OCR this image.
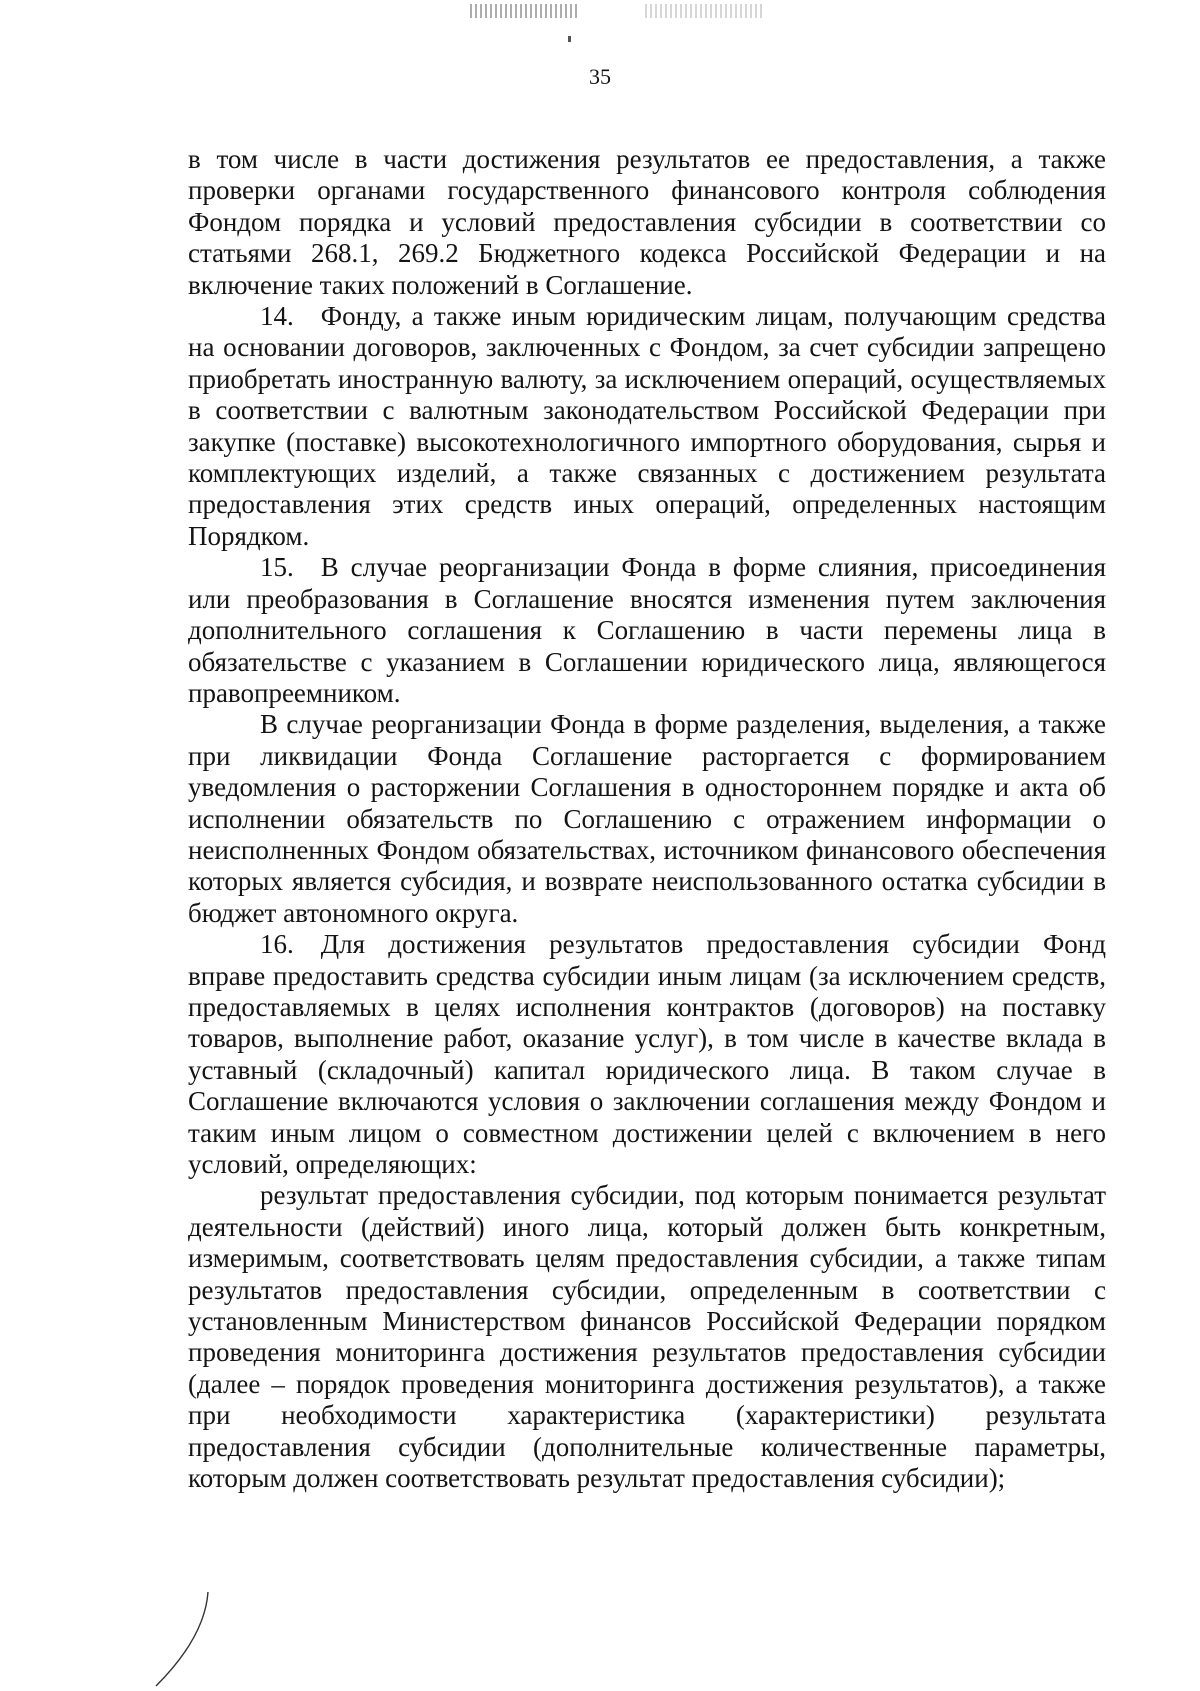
35

в том числе в части достижения результатов ее предоставления, а также проверки органами государственного финансового контроля соблюдения Фондом порядка и условий предоставления субсидии в соответствии со статьями 268.1, 269.2 Бюджетного кодекса Российской Федерации и на включение таких положений в Соглашение.

14. Фонду, а также иным юридическим лицам, получающим средства на основании договоров, заключенных с Фондом, за счет субсидии запрещено приобретать иностранную валюту, за исключением операций, осуществляемых в соответствии с валютным законодательством Российской Федерации при закупке (поставке) высокотехнологичного импортного оборудования, сырья и комплектующих изделий, а также связанных с достижением результата предоставления этих средств иных операций, определенных настоящим Порядком.

15. В случае реорганизации Фонда в форме слияния, присоединения или преобразования в Соглашение вносятся изменения путем заключения дополнительного соглашения к Соглашению в части перемены лица в обязательстве с указанием в Соглашении юридического лица, являющегося правопреемником.

В случае реорганизации Фонда в форме разделения, выделения, а также при ликвидации Фонда Соглашение расторгается с формированием уведомления о расторжении Соглашения в одностороннем порядке и акта об исполнении обязательств по Соглашению с отражением информации о неисполненных Фондом обязательствах, источником финансового обеспечения которых является субсидия, и возврате неиспользованного остатка субсидии в бюджет автономного округа.

16. Для достижения результатов предоставления субсидии Фонд вправе предоставить средства субсидии иным лицам (за исключением средств, предоставляемых в целях исполнения контрактов (договоров) на поставку товаров, выполнение работ, оказание услуг), в том числе в качестве вклада в уставный (складочный) капитал юридического лица. В таком случае в Соглашение включаются условия о заключении соглашения между Фондом и таким иным лицом о совместном достижении целей с включением в него условий, определяющих:

результат предоставления субсидии, под которым понимается результат деятельности (действий) иного лица, который должен быть конкретным, измеримым, соответствовать целям предоставления субсидии, а также типам результатов предоставления субсидии, определенным в соответствии с установленным Министерством финансов Российской Федерации порядком проведения мониторинга достижения результатов предоставления субсидии (далее – порядок проведения мониторинга достижения результатов), а также при необходимости характеристика (характеристики) результата предоставления субсидии (дополнительные количественные параметры, которым должен соответствовать результат предоставления субсидии);
